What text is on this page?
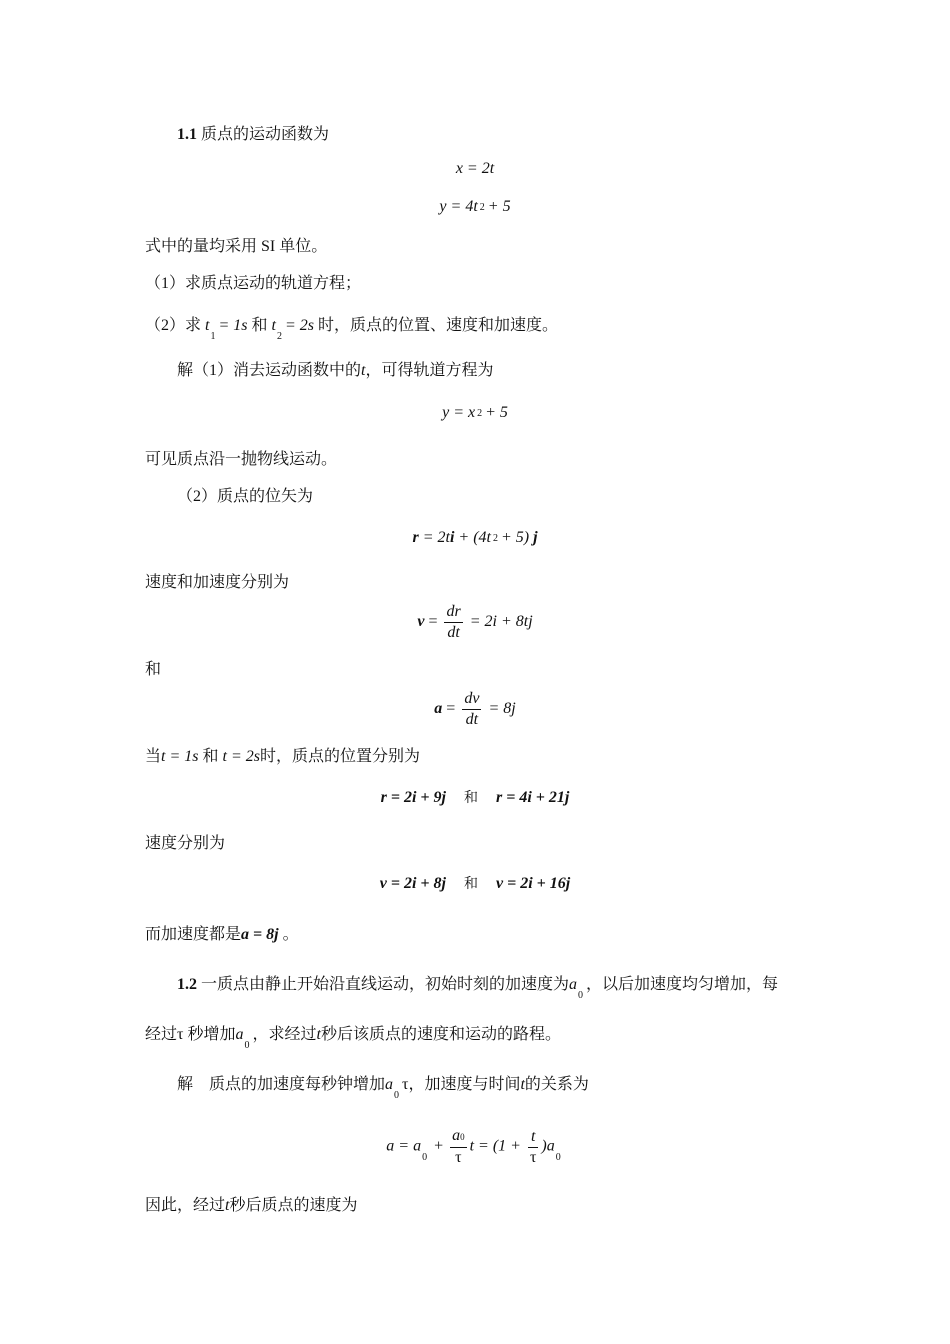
1.1 质点的运动函数为
x = 2t
y = 4t 2 + 5
式中的量均采用 SI 单位。
（1）求质点运动的轨道方程；
（2）求 $t_1= 1s$ 和 $t_2= 2s$ 时，质点的位置、速度和加速度。
解（1）消去运动函数中的t，可得轨道方程为
y = x 2 + 5
可见质点沿一抛物线运动。
（2）质点的位矢为
r = 2ti + (4t 2 + 5) j
速度和加速度分别为
$v = \frac{dr}{dt} = 2i + 8tj$
和
$a = \frac{dv}{dt} = 8j$
当t = 1s 和 t = 2s时，质点的位置分别为
r = 2i + 9j 和 r = 4i + 21j
速度分别为
v = 2i + 8j 和 v = 2i + 16j
而加速度都是a = 8j 。
1.2 一质点由静止开始沿直线运动，初始时刻的加速度为$a_0$，以后加速度均匀增加，每
经过τ 秒增加$a_0$，求经过t秒后该质点的速度和运动的路程。
解　质点的加速度每秒钟增加$a_0\tau$，加速度与时间t的关系为
$a = a_0 + \frac{a0}{\tau}$ $t = (1 + \frac{t}{\tau} )a_0$
因此，经过t秒后质点的速度为
